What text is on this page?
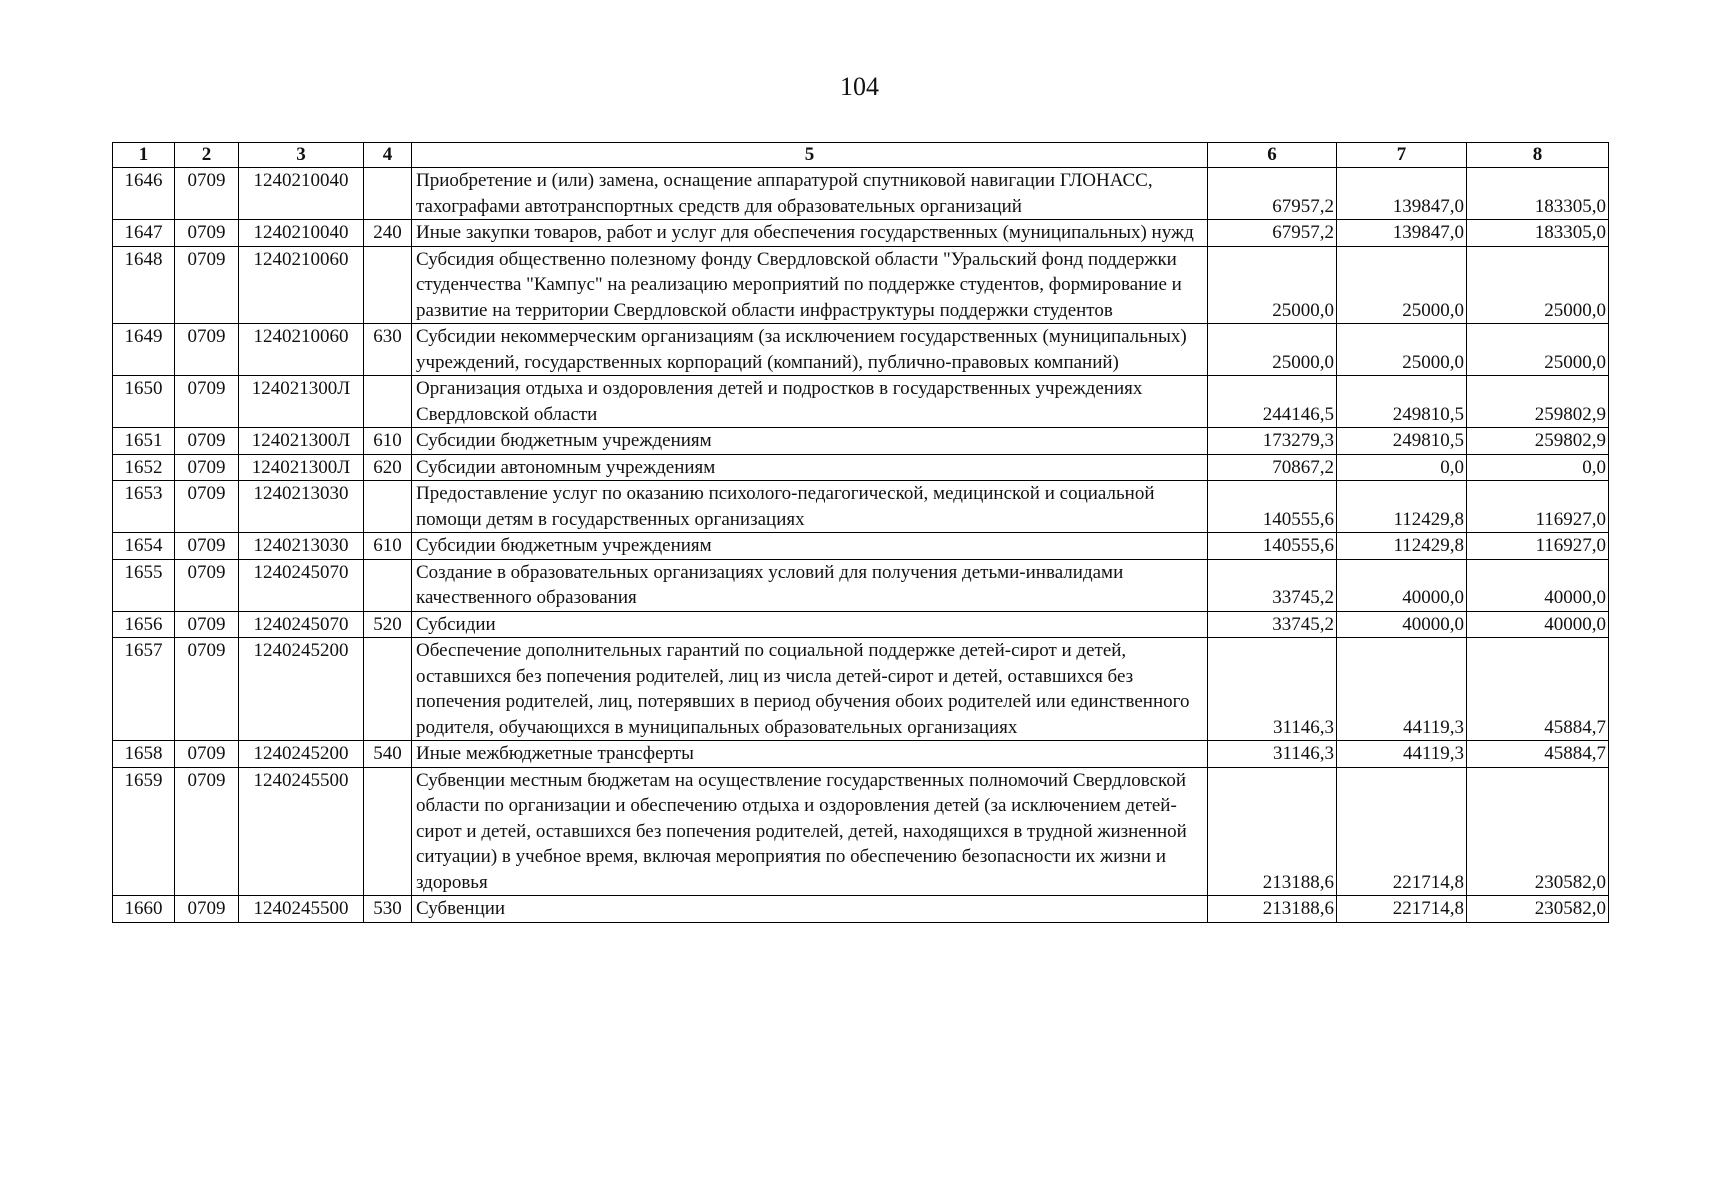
104
1	2	3	4	5	6	7	8
1646	0709	1240210040		Приобретение и (или) замена, оснащение аппаратурой спутниковой навигации ГЛОНАСС, тахографами автотранспортных средств для образовательных организаций	67957,2	139847,0	183305,0
1647	0709	1240210040	240	Иные закупки товаров, работ и услуг для обеспечения государственных (муниципальных) нужд	67957,2	139847,0	183305,0
1648	0709	1240210060		Субсидия общественно полезному фонду Свердловской области "Уральский фонд поддержки студенчества "Кампус" на реализацию мероприятий по поддержке студентов, формирование и развитие на территории Свердловской области инфраструктуры поддержки студентов	25000,0	25000,0	25000,0
1649	0709	1240210060	630	Субсидии некоммерческим организациям (за исключением государственных (муниципальных) учреждений, государственных корпораций (компаний), публично-правовых компаний)	25000,0	25000,0	25000,0
1650	0709	124021300Л		Организация отдыха и оздоровления детей и подростков в государственных учреждениях Свердловской области	244146,5	249810,5	259802,9
1651	0709	124021300Л	610	Субсидии бюджетным учреждениям	173279,3	249810,5	259802,9
1652	0709	124021300Л	620	Субсидии автономным учреждениям	70867,2	0,0	0,0
1653	0709	1240213030		Предоставление услуг по оказанию психолого-педагогической, медицинской и социальной помощи детям в государственных организациях	140555,6	112429,8	116927,0
1654	0709	1240213030	610	Субсидии бюджетным учреждениям	140555,6	112429,8	116927,0
1655	0709	1240245070		Создание в образовательных организациях условий для получения детьми-инвалидами качественного образования	33745,2	40000,0	40000,0
1656	0709	1240245070	520	Субсидии	33745,2	40000,0	40000,0
1657	0709	1240245200		Обеспечение дополнительных гарантий по социальной поддержке детей-сирот и детей, оставшихся без попечения родителей, лиц из числа детей-сирот и детей, оставшихся без попечения родителей, лиц, потерявших в период обучения обоих родителей или единственного родителя, обучающихся в муниципальных образовательных организациях	31146,3	44119,3	45884,7
1658	0709	1240245200	540	Иные межбюджетные трансферты	31146,3	44119,3	45884,7
1659	0709	1240245500		Субвенции местным бюджетам на осуществление государственных полномочий Свердловской области по организации и обеспечению отдыха и оздоровления детей (за исключением детей-сирот и детей, оставшихся без попечения родителей, детей, находящихся в трудной жизненной ситуации) в учебное время, включая мероприятия по обеспечению безопасности их жизни и здоровья	213188,6	221714,8	230582,0
1660	0709	1240245500	530	Субвенции	213188,6	221714,8	230582,0
